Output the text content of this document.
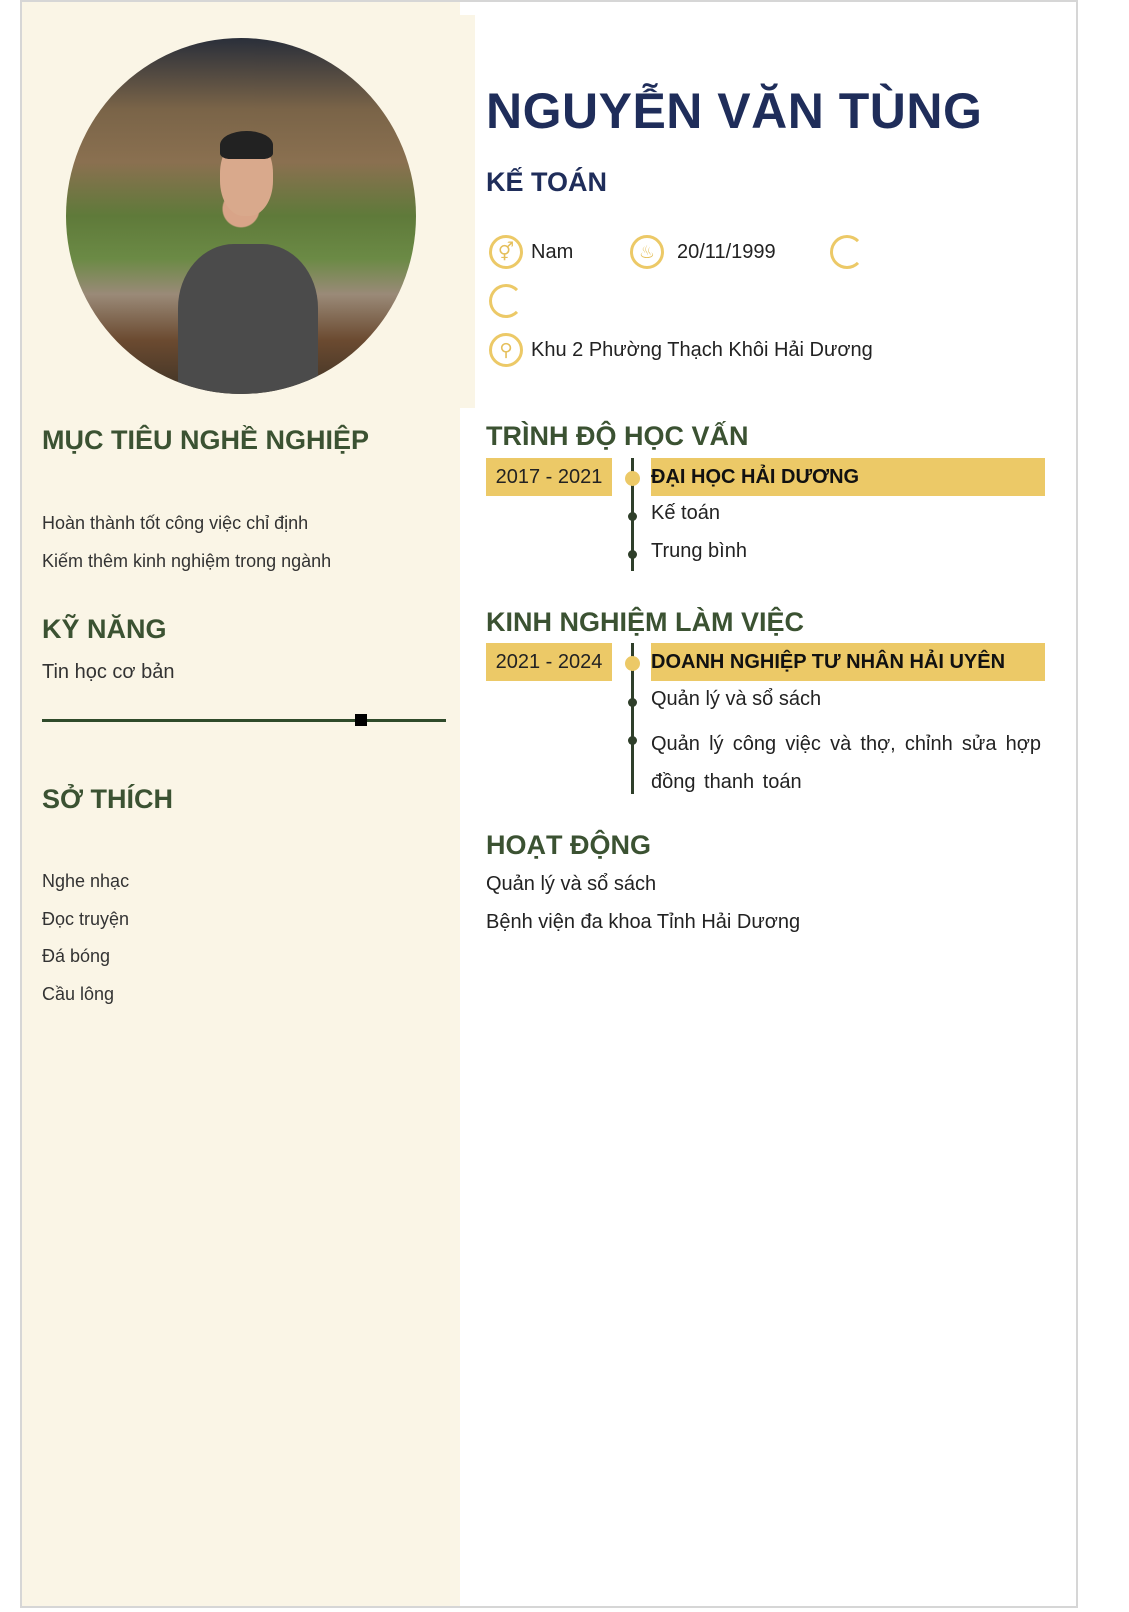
MỤC TIÊU NGHỀ NGHIỆP
Hoàn thành tốt công việc chỉ định
Kiếm thêm kinh nghiệm trong ngành
KỸ NĂNG
Tin học cơ bản
SỞ THÍCH
Nghe nhạc
Đọc truyện
Đá bóng
Cầu lông
NGUYỄN VĂN TÙNG
KẾ TOÁN
⚥ Nam	♨	20/11/1999
⚲ Khu 2 Phường Thạch Khôi Hải Dương
TRÌNH ĐỘ HỌC VẤN
2017 - 2021	ĐẠI HỌC HẢI DƯƠNG
Kế toán
Trung bình
KINH NGHIỆM LÀM VIỆC
2021 - 2024	DOANH NGHIỆP TƯ NHÂN HẢI UYÊN
Quản lý và sổ sách
Quản lý công việc và thợ, chỉnh sửa hợp đồng thanh toán
HOẠT ĐỘNG
Quản lý và sổ sách
Bệnh viện đa khoa Tỉnh Hải Dương
